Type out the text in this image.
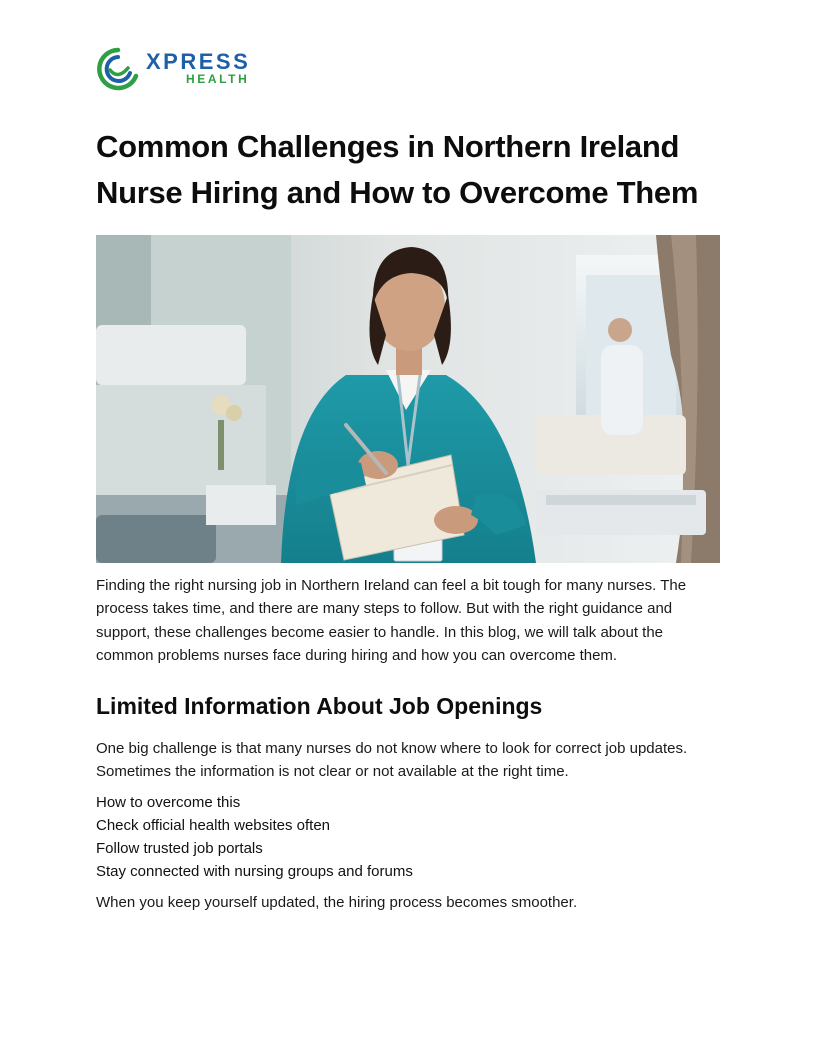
XPRESS
HEALTH
Common Challenges in Northern Ireland Nurse Hiring and How to Overcome Them

Finding the right nursing job in Northern Ireland can feel a bit tough for many nurses. The process takes time, and there are many steps to follow. But with the right guidance and support, these challenges become easier to handle. In this blog, we will talk about the common problems nurses face during hiring and how you can overcome them.

Limited Information About Job Openings

One big challenge is that many nurses do not know where to look for correct job updates. Sometimes the information is not clear or not available at the right time.

How to overcome this
Check official health websites often
Follow trusted job portals
Stay connected with nursing groups and forums

When you keep yourself updated, the hiring process becomes smoother.
